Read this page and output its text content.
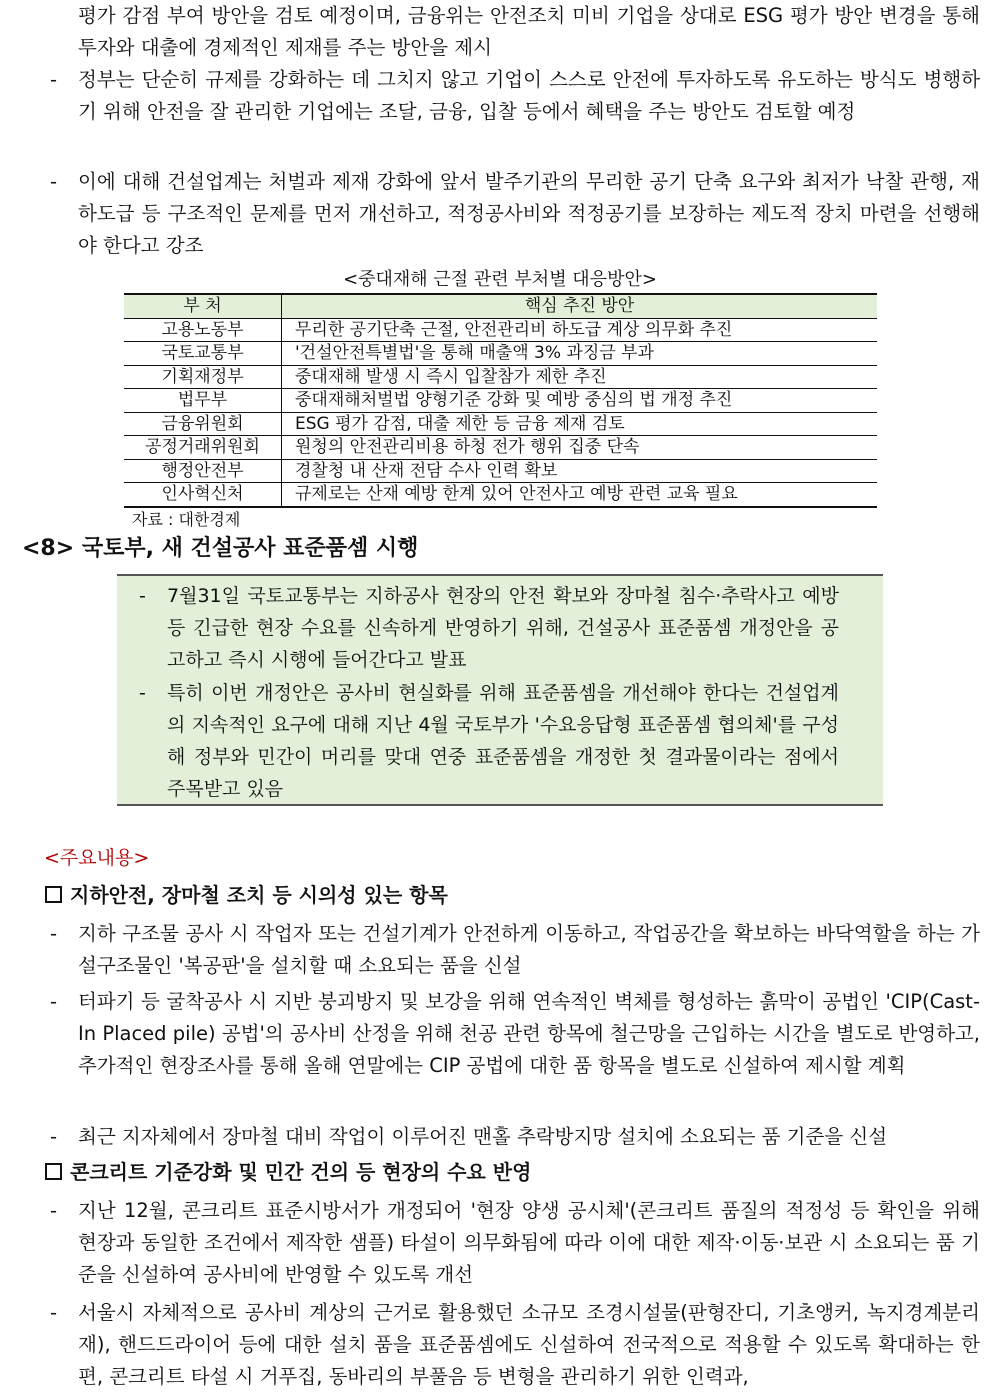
평가 감점 부여 방안을 검토 예정이며, 금융위는 안전조치 미비 기업을 상대로 ESG 평가 방안 변경을 통해 투자와 대출에 경제적인 제재를 주는 방안을 제시
- 정부는 단순히 규제를 강화하는 데 그치지 않고 기업이 스스로 안전에 투자하도록 유도하는 방식도 병행하기 위해 안전을 잘 관리한 기업에는 조달, 금융, 입찰 등에서 혜택을 주는 방안도 검토할 예정
- 이에 대해 건설업계는 처벌과 제재 강화에 앞서 발주기관의 무리한 공기 단축 요구와 최저가 낙찰 관행, 재하도급 등 구조적인 문제를 먼저 개선하고, 적정공사비와 적정공기를 보장하는 제도적 장치 마련을 선행해야 한다고 강조
<중대재해 근절 관련 부처별 대응방안>
부 처	핵심 추진 방안
고용노동부	무리한 공기단축 근절, 안전관리비 하도급 계상 의무화 추진
국토교통부	'건설안전특별법'을 통해 매출액 3% 과징금 부과
기획재정부	중대재해 발생 시 즉시 입찰참가 제한 추진
법무부	중대재해처벌법 양형기준 강화 및 예방 중심의 법 개정 추진
금융위원회	ESG 평가 감점, 대출 제한 등 금융 제재 검토
공정거래위원회	원청의 안전관리비용 하청 전가 행위 집중 단속
행정안전부	경찰청 내 산재 전담 수사 인력 확보
인사혁신처	규제로는 산재 예방 한계 있어 안전사고 예방 관련 교육 필요
자료 : 대한경제
<8> 국토부, 새 건설공사 표준품셈 시행
- 7월31일 국토교통부는 지하공사 현장의 안전 확보와 장마철 침수·추락사고 예방 등 긴급한 현장 수요를 신속하게 반영하기 위해, 건설공사 표준품셈 개정안을 공고하고 즉시 시행에 들어간다고 발표
- 특히 이번 개정안은 공사비 현실화를 위해 표준품셈을 개선해야 한다는 건설업계의 지속적인 요구에 대해 지난 4월 국토부가 '수요응답형 표준품셈 협의체'를 구성해 정부와 민간이 머리를 맞대 연중 표준품셈을 개정한 첫 결과물이라는 점에서 주목받고 있음
<주요내용>
지하안전, 장마철 조치 등 시의성 있는 항목
- 지하 구조물 공사 시 작업자 또는 건설기계가 안전하게 이동하고, 작업공간을 확보하는 바닥역할을 하는 가설구조물인 '복공판'을 설치할 때 소요되는 품을 신설
- 터파기 등 굴착공사 시 지반 붕괴방지 및 보강을 위해 연속적인 벽체를 형성하는 흙막이 공법인 'CIP(Cast-In Placed pile) 공법'의 공사비 산정을 위해 천공 관련 항목에 철근망을 근입하는 시간을 별도로 반영하고, 추가적인 현장조사를 통해 올해 연말에는 CIP 공법에 대한 품 항목을 별도로 신설하여 제시할 계획
- 최근 지자체에서 장마철 대비 작업이 이루어진 맨홀 추락방지망 설치에 소요되는 품 기준을 신설
콘크리트 기준강화 및 민간 건의 등 현장의 수요 반영
- 지난 12월, 콘크리트 표준시방서가 개정되어 '현장 양생 공시체'(콘크리트 품질의 적정성 등 확인을 위해 현장과 동일한 조건에서 제작한 샘플) 타설이 의무화됨에 따라 이에 대한 제작·이동·보관 시 소요되는 품 기준을 신설하여 공사비에 반영할 수 있도록 개선
- 서울시 자체적으로 공사비 계상의 근거로 활용했던 소규모 조경시설물(판형잔디, 기초앵커, 녹지경계분리재), 핸드드라이어 등에 대한 설치 품을 표준품셈에도 신설하여 전국적으로 적용할 수 있도록 확대하는 한편, 콘크리트 타설 시 거푸집, 동바리의 부풀음 등 변형을 관리하기 위한 인력과,
